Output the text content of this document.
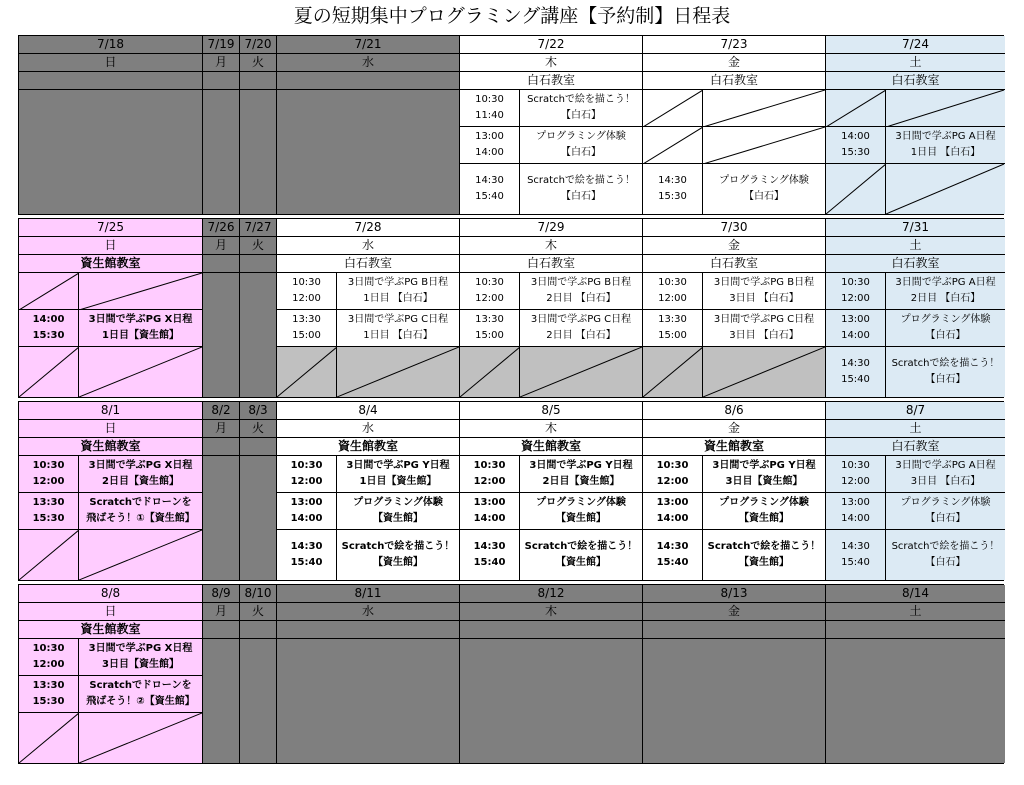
夏の短期集中プログラミング講座【予約制】日程表
7/18
日
7/19
月
7/20
火
7/21
水
7/22
木
白石教室
10:30
11:40
Scratchで絵を描こう！
【白石】
13:00
14:00
プログラミング体験
【白石】
14:30
15:40
Scratchで絵を描こう！
【白石】
7/23
金
白石教室
14:30
15:30
プログラミング体験
【白石】
7/24
土
白石教室
14:00
15:30
3日間で学ぶPG A日程
1日目 【白石】
7/25
日
資生館教室
14:00
15:30
3日間で学ぶPG X日程
1日目【資生館】
7/26
月
7/27
火
7/28
水
白石教室
10:30
12:00
3日間で学ぶPG B日程
1日目 【白石】
13:30
15:00
3日間で学ぶPG C日程
1日目 【白石】
7/29
木
白石教室
10:30
12:00
3日間で学ぶPG B日程
2日目 【白石】
13:30
15:00
3日間で学ぶPG C日程
2日目 【白石】
7/30
金
白石教室
10:30
12:00
3日間で学ぶPG B日程
3日目 【白石】
13:30
15:00
3日間で学ぶPG C日程
3日目 【白石】
7/31
土
白石教室
10:30
12:00
3日間で学ぶPG A日程
2日目 【白石】
13:00
14:00
プログラミング体験
【白石】
14:30
15:40
Scratchで絵を描こう！
【白石】
8/1
日
資生館教室
10:30
12:00
3日間で学ぶPG X日程
2日目【資生館】
13:30
15:30
Scratchでドローンを
飛ばそう！①【資生館】
8/2
月
8/3
火
8/4
水
資生館教室
10:30
12:00
3日間で学ぶPG Y日程
1日目【資生館】
13:00
14:00
プログラミング体験
【資生館】
14:30
15:40
Scratchで絵を描こう！
【資生館】
8/5
木
資生館教室
10:30
12:00
3日間で学ぶPG Y日程
2日目【資生館】
13:00
14:00
プログラミング体験
【資生館】
14:30
15:40
Scratchで絵を描こう！
【資生館】
8/6
金
資生館教室
10:30
12:00
3日間で学ぶPG Y日程
3日目【資生館】
13:00
14:00
プログラミング体験
【資生館】
14:30
15:40
Scratchで絵を描こう！
【資生館】
8/7
土
白石教室
10:30
12:00
3日間で学ぶPG A日程
3日目 【白石】
13:00
14:00
プログラミング体験
【白石】
14:30
15:40
Scratchで絵を描こう！
【白石】
8/8
日
資生館教室
10:30
12:00
3日間で学ぶPG X日程
3日目【資生館】
13:30
15:30
Scratchでドローンを
飛ばそう！②【資生館】
8/9
月
8/10
火
8/11
水
8/12
木
8/13
金
8/14
土
